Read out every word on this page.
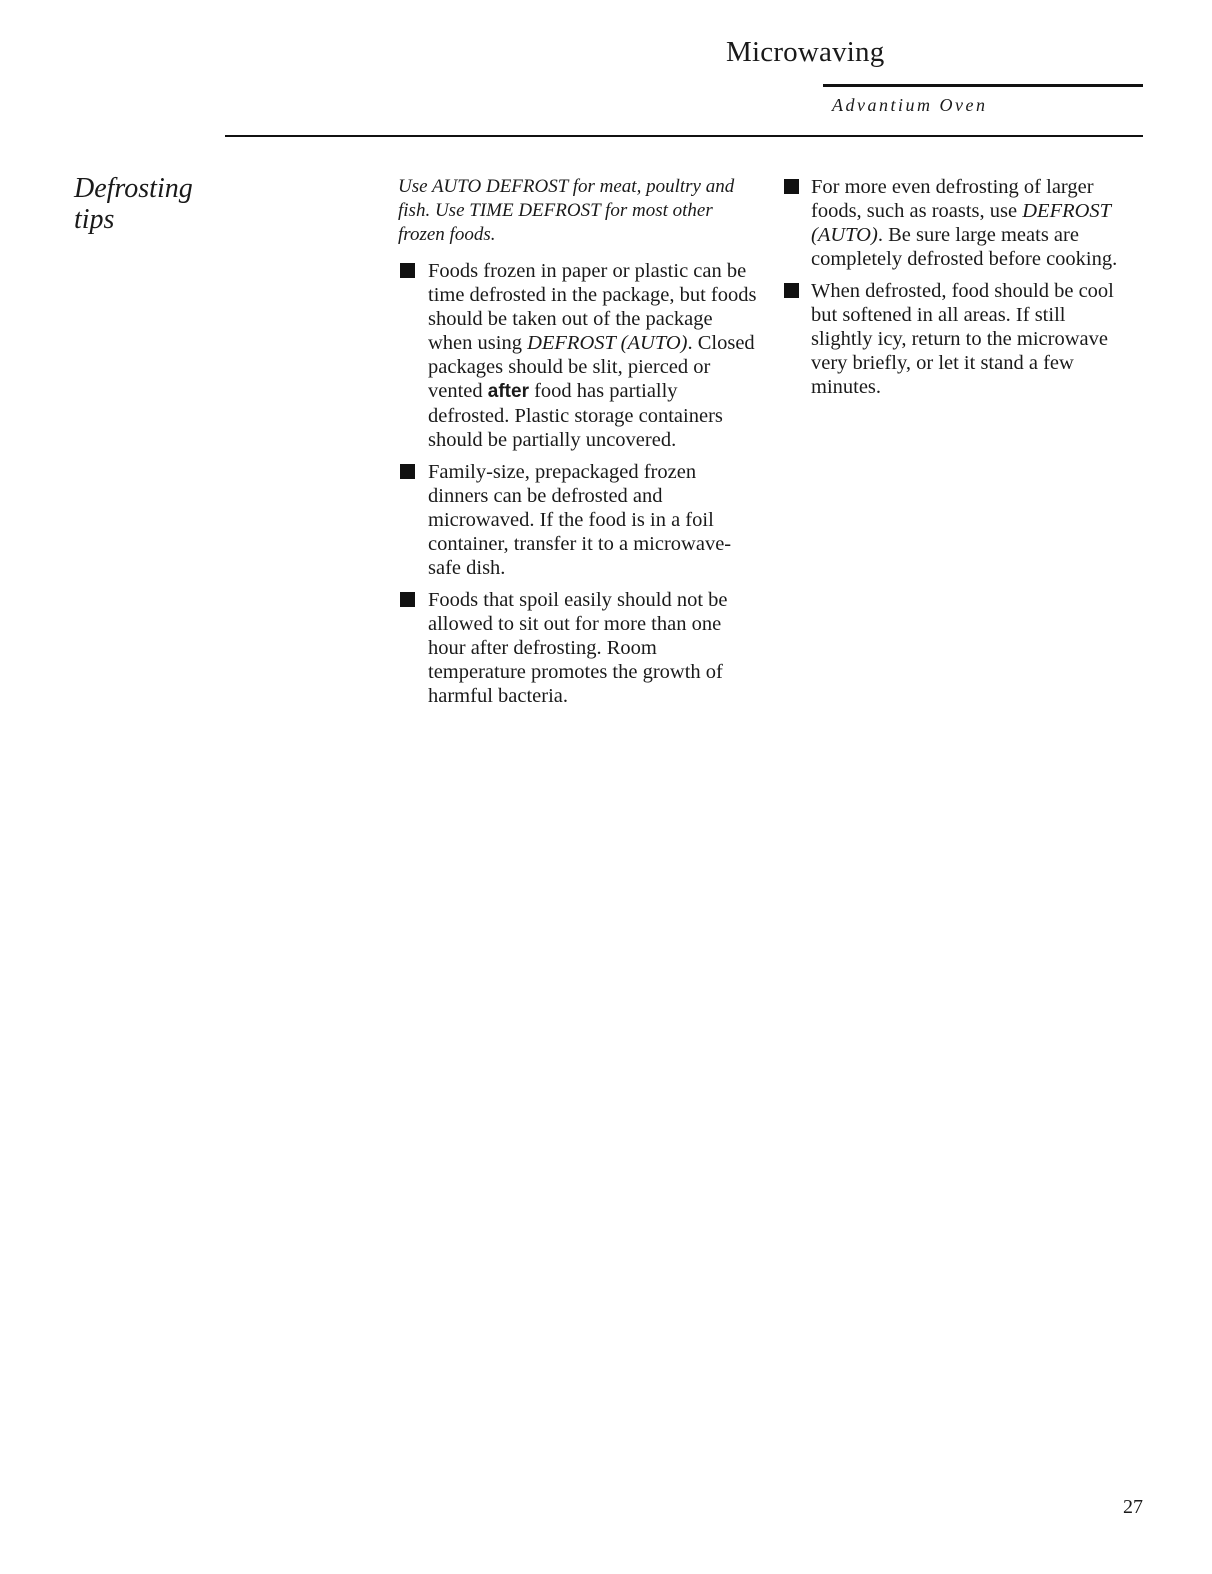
Microwaving
Advantium Oven
Defrosting
tips

Use AUTO DEFROST for meat, poultry and fish. Use TIME DEFROST for most other frozen foods.

Foods frozen in paper or plastic can be time defrosted in the package, but foods should be taken out of the package when using DEFROST (AUTO). Closed packages should be slit, pierced or vented after food has partially defrosted. Plastic storage containers should be partially uncovered.
Family-size, prepackaged frozen dinners can be defrosted and microwaved. If the food is in a foil container, transfer it to a microwave-safe dish.
Foods that spoil easily should not be allowed to sit out for more than one hour after defrosting. Room temperature promotes the growth of harmful bacteria.
For more even defrosting of larger foods, such as roasts, use DEFROST (AUTO). Be sure large meats are completely defrosted before cooking.
When defrosted, food should be cool but softened in all areas. If still slightly icy, return to the microwave very briefly, or let it stand a few minutes.
27
